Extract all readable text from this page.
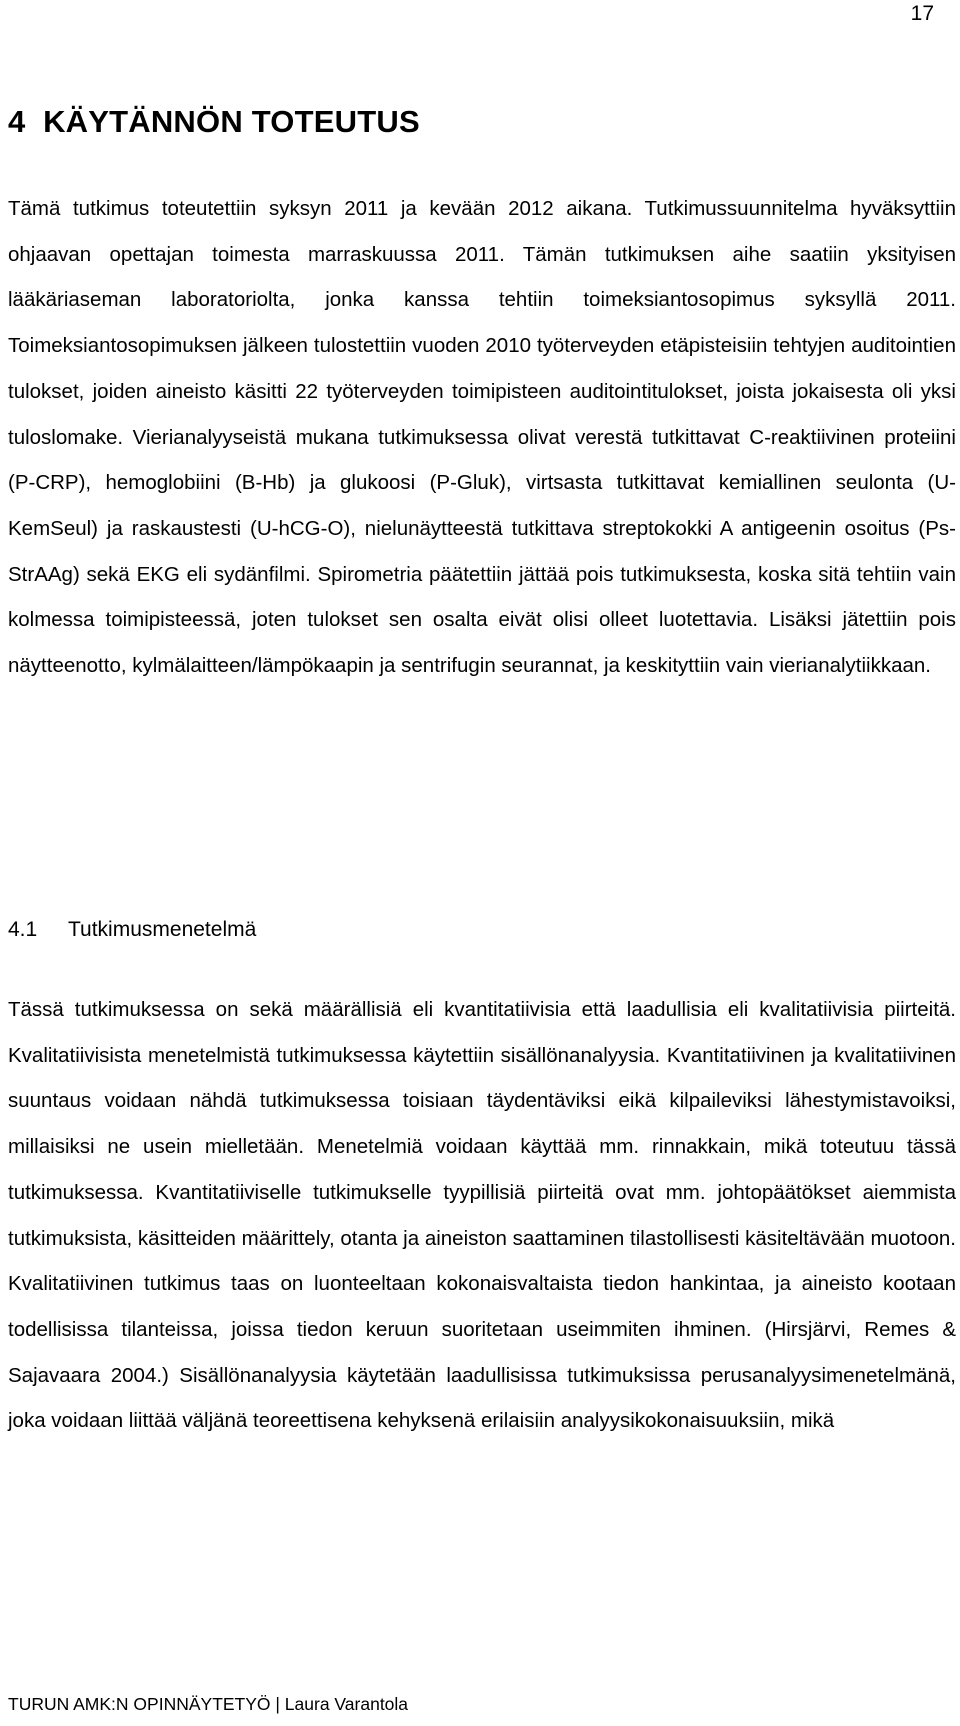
17
4  KÄYTÄNNÖN TOTEUTUS

Tämä tutkimus toteutettiin syksyn 2011 ja kevään 2012 aikana. Tutkimussuunnitelma hyväksyttiin ohjaavan opettajan toimesta marraskuussa 2011. Tämän tutkimuksen aihe saatiin yksityisen lääkäriaseman laboratoriolta, jonka kanssa tehtiin toimeksiantosopimus syksyllä 2011. Toimeksiantosopimuksen jälkeen tulostettiin vuoden 2010 työterveyden etäpisteisiin tehtyjen auditointien tulokset, joiden aineisto käsitti 22 työterveyden toimipisteen auditointitulokset, joista jokaisesta oli yksi tuloslomake. Vierianalyyseistä mukana tutkimuksessa olivat verestä tutkittavat C-reaktiivinen proteiini (P-CRP), hemoglobiini (B-Hb) ja glukoosi (P-Gluk), virtsasta tutkittavat kemiallinen seulonta (U-KemSeul) ja raskaustesti (U-hCG-O), nielunäytteestä tutkittava streptokokki A antigeenin osoitus (Ps-StrAAg) sekä EKG eli sydänfilmi. Spirometria päätettiin jättää pois tutkimuksesta, koska sitä tehtiin vain kolmessa toimipisteessä, joten tulokset sen osalta eivät olisi olleet luotettavia. Lisäksi jätettiin pois näytteenotto, kylmälaitteen/lämpökaapin ja sentrifugin seurannat, ja keskityttiin vain vierianalytiikkaan.

4.1 Tutkimusmenetelmä

Tässä tutkimuksessa on sekä määrällisiä eli kvantitatiivisia että laadullisia eli kvalitatiivisia piirteitä. Kvalitatiivisista menetelmistä tutkimuksessa käytettiin sisällönanalyysia. Kvantitatiivinen ja kvalitatiivinen suuntaus voidaan nähdä tutkimuksessa toisiaan täydentäviksi eikä kilpaileviksi lähestymistavoiksi, millaisiksi ne usein mielletään. Menetelmiä voidaan käyttää mm. rinnakkain, mikä toteutuu tässä tutkimuksessa. Kvantitatiiviselle tutkimukselle tyypillisiä piirteitä ovat mm. johtopäätökset aiemmista tutkimuksista, käsitteiden määrittely, otanta ja aineiston saattaminen tilastollisesti käsiteltävään muotoon. Kvalitatiivinen tutkimus taas on luonteeltaan kokonaisvaltaista tiedon hankintaa, ja aineisto kootaan todellisissa tilanteissa, joissa tiedon keruun suoritetaan useimmiten ihminen. (Hirsjärvi, Remes & Sajavaara 2004.) Sisällönanalyysia käytetään laadullisissa tutkimuksissa perusanalyysimenetelmänä, joka voidaan liittää väljänä teoreettisena kehyksenä erilaisiin analyysikokonaisuuksiin, mikä

TURUN AMK:N OPINNÄYTETYÖ | Laura Varantola
